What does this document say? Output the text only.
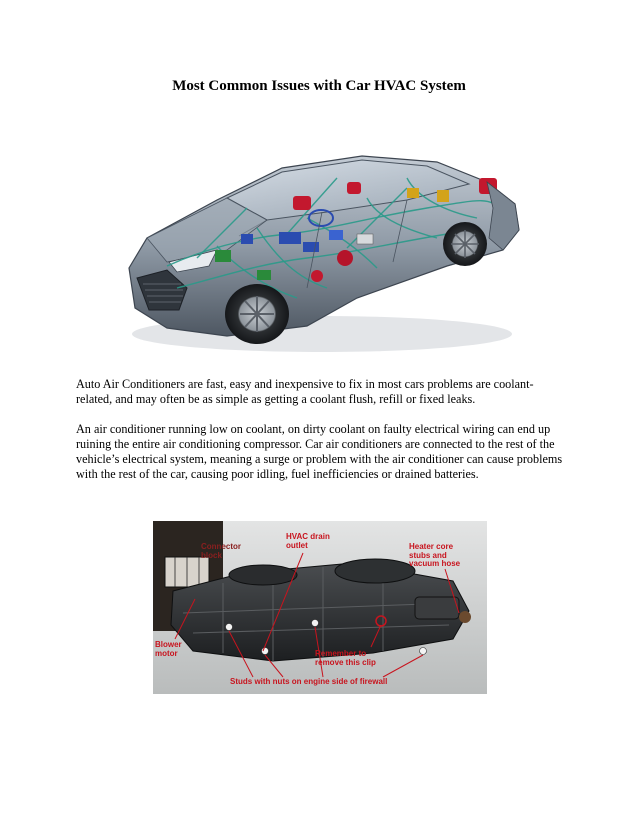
Most Common Issues with Car HVAC System

Auto Air Conditioners are fast, easy and inexpensive to fix in most cars problems are coolant-related, and may often be as simple as getting a coolant flush, refill or fixed leaks.

An air conditioner running low on coolant, on dirty coolant on faulty electrical wiring can end up ruining the entire air conditioning compressor. Car air conditioners are connected to the rest of the vehicle’s electrical system, meaning a surge or problem with the air conditioner can cause problems with the rest of the car, causing poor idling, fuel inefficiencies or drained batteries.

Connector
block
HVAC drain
outlet	Heater core
stubs and
vacuum hose
Blower
motor	Remember to
remove this clip
Studs with nuts on engine side of firewall
